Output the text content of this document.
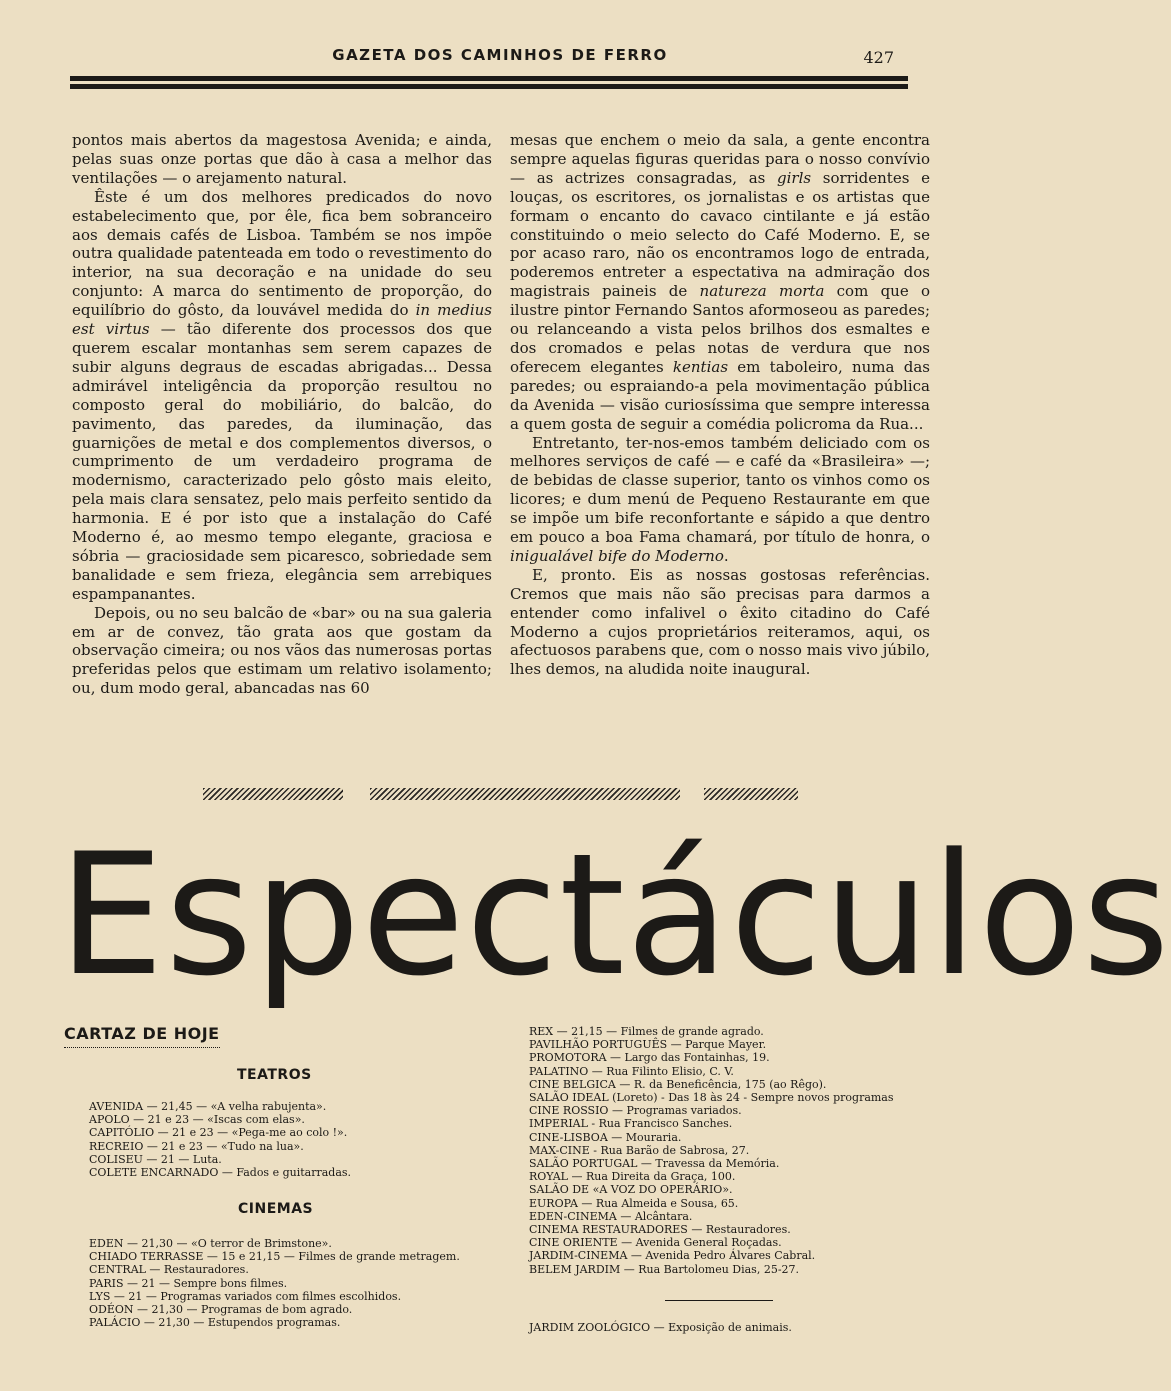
GAZETA DOS CAMINHOS DE FERRO	427

pontos mais abertos da magestosa Avenida; e ainda, pelas suas onze portas que dão à casa a melhor das ventilações — o arejamento natural.

Êste é um dos melhores predicados do novo estabelecimento que, por êle, fica bem sobranceiro aos demais cafés de Lisboa. Também se nos impõe outra qualidade patenteada em todo o revestimento do interior, na sua decoração e na unidade do seu conjunto: A marca do sentimento de proporção, do equilíbrio do gôsto, da louvável medida do in medius est virtus — tão diferente dos processos dos que querem escalar montanhas sem serem capazes de subir alguns degraus de escadas abrigadas... Dessa admirável inteligência da proporção resultou no composto geral do mobiliário, do balcão, do pavimento, das paredes, da iluminação, das guarnições de metal e dos complementos diversos, o cumprimento de um verdadeiro programa de modernismo, caracterizado pelo gôsto mais eleito, pela mais clara sensatez, pelo mais perfeito sentido da harmonia. E é por isto que a instalação do Café Moderno é, ao mesmo tempo elegante, graciosa e sóbria — graciosidade sem picaresco, sobriedade sem banalidade e sem frieza, elegância sem arrebiques espampanantes.

Depois, ou no seu balcão de «bar» ou na sua galeria em ar de convez, tão grata aos que gostam da observação cimeira; ou nos vãos das numerosas portas preferidas pelos que estimam um relativo isolamento; ou, dum modo geral, abancadas nas 60

mesas que enchem o meio da sala, a gente encontra sempre aquelas figuras queridas para o nosso convívio — as actrizes consagradas, as girls sorridentes e louças, os escritores, os jornalistas e os artistas que formam o encanto do cavaco cintilante e já estão constituindo o meio selecto do Café Moderno. E, se por acaso raro, não os encontramos logo de entrada, poderemos entreter a espectativa na admiração dos magistrais paineis de natureza morta com que o ilustre pintor Fernando Santos aformoseou as paredes; ou relanceando a vista pelos brilhos dos esmaltes e dos cromados e pelas notas de verdura que nos oferecem elegantes kentias em taboleiro, numa das paredes; ou espraiando-a pela movimentação pública da Avenida — visão curiosíssima que sempre interessa a quem gosta de seguir a comédia policroma da Rua...

Entretanto, ter-nos-emos também deliciado com os melhores serviços de café — e café da «Brasileira» —; de bebidas de classe superior, tanto os vinhos como os licores; e dum menú de Pequeno Restaurante em que se impõe um bife reconfortante e sápido a que dentro em pouco a boa Fama chamará, por título de honra, o inigualável bife do Moderno.

E, pronto. Eis as nossas gostosas referências. Cremos que mais não são precisas para darmos a entender como infalivel o êxito citadino do Café Moderno a cujos proprietários reiteramos, aqui, os afectuosos parabens que, com o nosso mais vivo júbilo, lhes demos, na aludida noite inaugural.

Espectáculos
CARTAZ DE HOJE
TEATROS
AVENIDA — 21,45 — «A velha rabujenta».
APOLO — 21 e 23 — «Iscas com elas».
CAPITÓLIO — 21 e 23 — «Pega-me ao colo !».
RECREIO — 21 e 23 — «Tudo na lua».
COLISEU — 21 — Luta.
COLETE ENCARNADO — Fados e guitarradas.
CINEMAS
EDEN — 21,30 — «O terror de Brimstone».
CHIADO TERRASSE — 15 e 21,15 — Filmes de grande metragem.
CENTRAL — Restauradores.
PARIS — 21 — Sempre bons filmes.
LYS — 21 — Programas variados com filmes escolhidos.
ODÉON — 21,30 — Programas de bom agrado.
PALÁCIO — 21,30 — Estupendos programas.
REX — 21,15 — Filmes de grande agrado.
PAVILHÃO PORTUGUÊS — Parque Mayer.
PROMOTORA — Largo das Fontainhas, 19.
PALATINO — Rua Filinto Elisio, C. V.
CINE BELGICA — R. da Beneficência, 175 (ao Rêgo).
SALÃO IDEAL (Loreto) - Das 18 às 24 - Sempre novos programas
CINE ROSSIO — Programas variados.
IMPERIAL - Rua Francisco Sanches.
CINE-LISBOA — Mouraria.
MAX-CINE - Rua Barão de Sabrosa, 27.
SALÃO PORTUGAL — Travessa da Memória.
ROYAL — Rua Direita da Graça, 100.
SALÃO DE «A VOZ DO OPERÁRIO».
EUROPA — Rua Almeida e Sousa, 65.
EDEN-CINEMA — Alcântara.
CINEMA RESTAURADORES — Restauradores.
CINE ORIENTE — Avenida General Roçadas.
JARDIM-CINEMA — Avenida Pedro Álvares Cabral.
BELEM JARDIM — Rua Bartolomeu Dias, 25-27.
JARDIM ZOOLÓGICO — Exposição de animais.
